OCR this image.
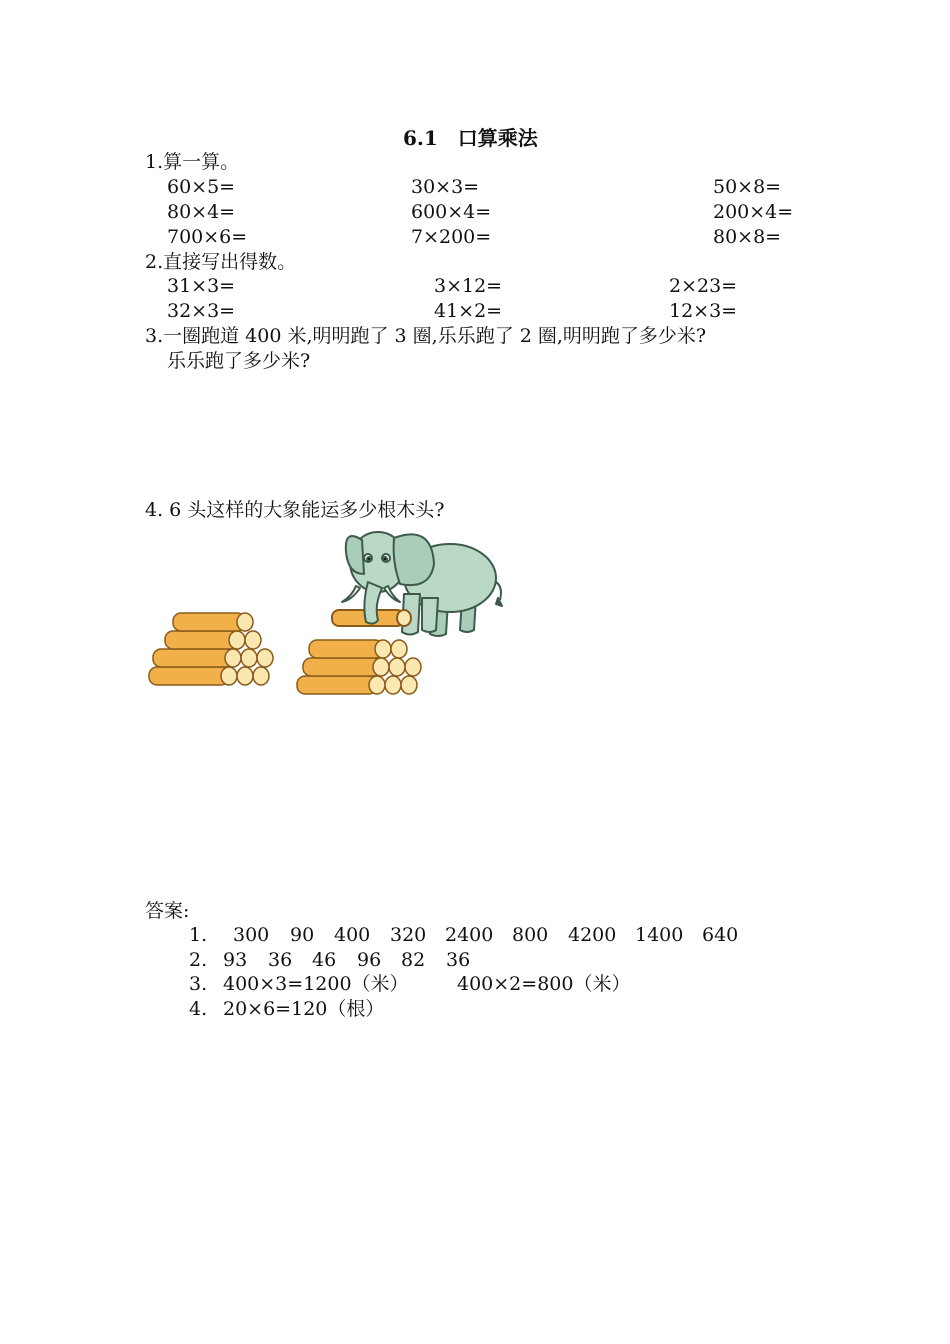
6.1　口算乘法
1.算一算。
60×5=	30×3=	50×8=
80×4=	600×4=	200×4=
700×6=	7×200=	80×8=
2.直接写出得数。
31×3=	3×12=	2×23=
32×3=	41×2=	12×3=
3.一圈跑道 400 米,明明跑了 3 圈,乐乐跑了 2 圈,明明跑了多少米?
乐乐跑了多少米?
4. 6 头这样的大象能运多少根木头?
答案:
1. 300 90 400 320 2400 800 4200 1400 640
2. 93 36 46 96 82 36
3. 400×3=1200（米）	400×2=800（米）
4. 20×6=120（根）
